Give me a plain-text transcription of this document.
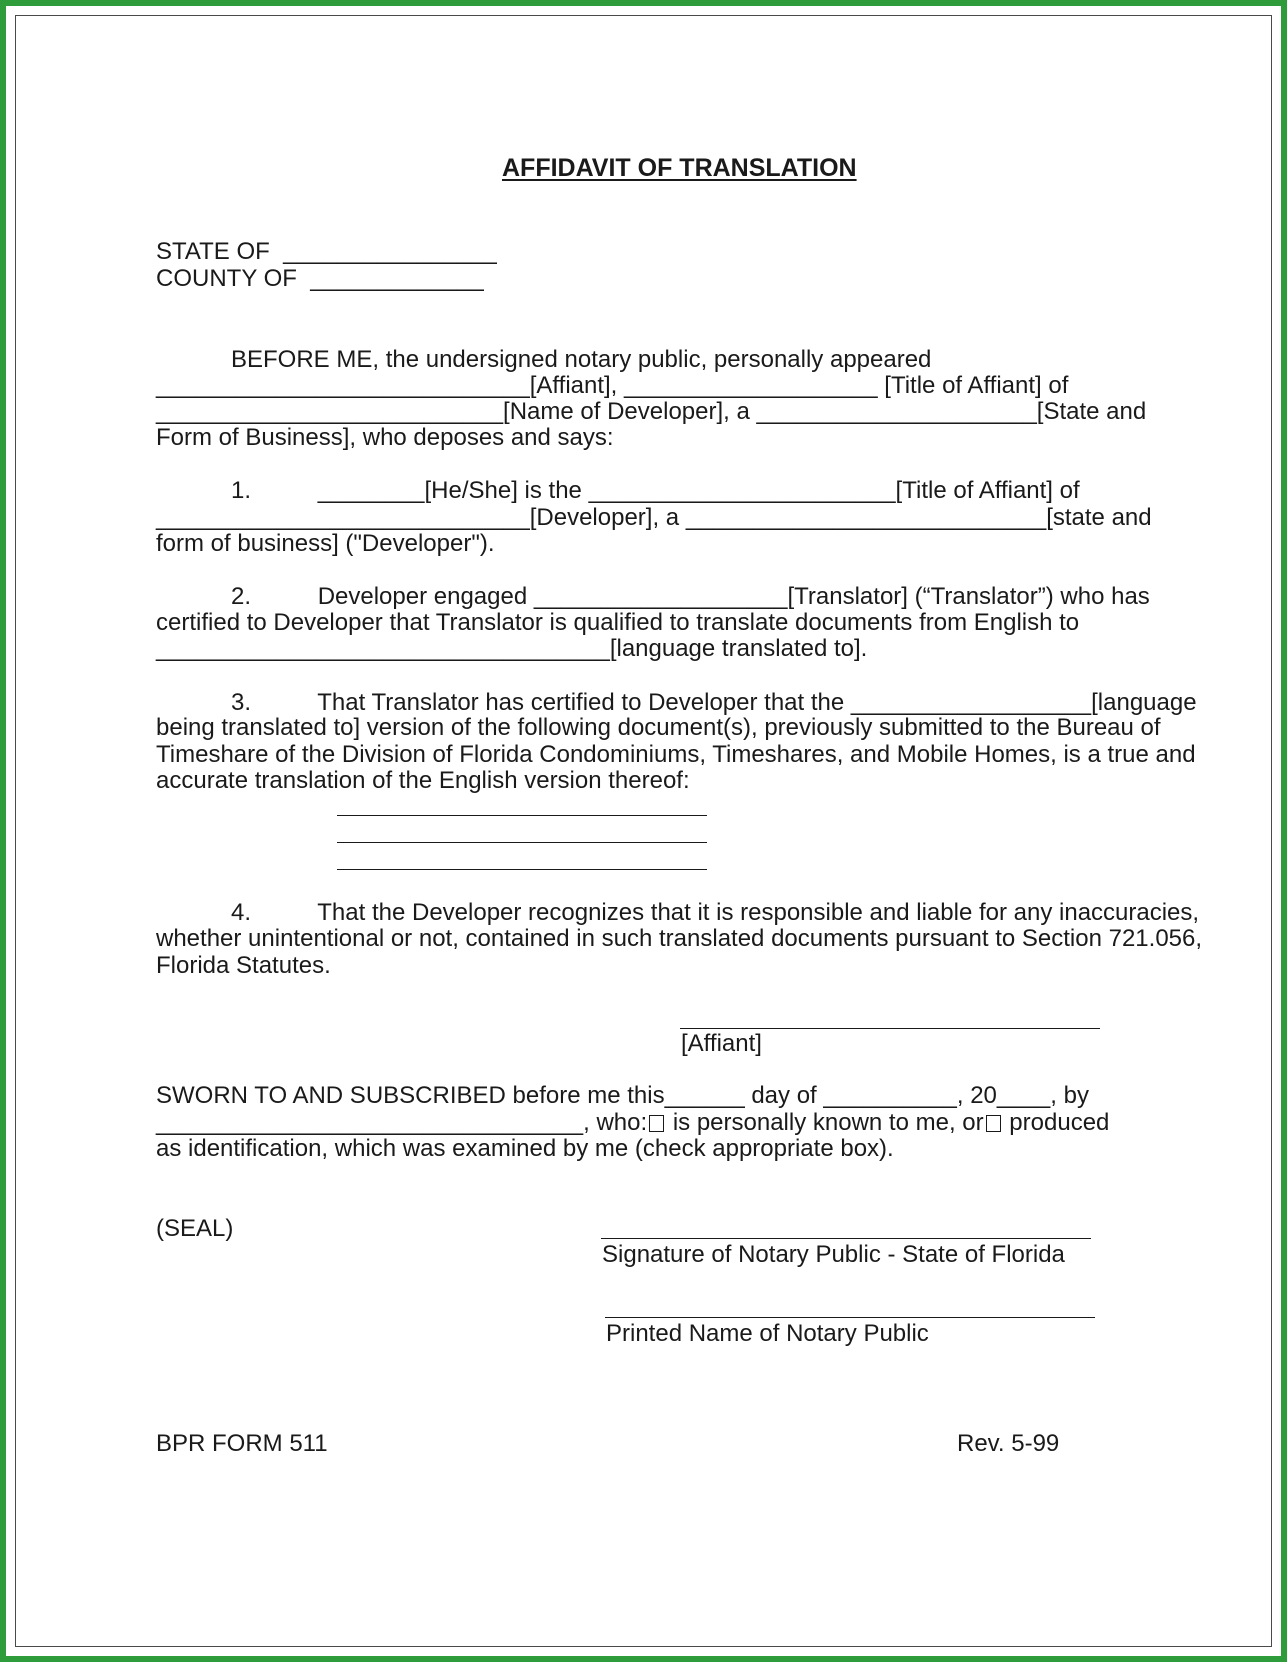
AFFIDAVIT OF TRANSLATION
STATE OF  ________________
COUNTY OF  _____________
BEFORE ME, the undersigned notary public, personally appeared
____________________________[Affiant], ___________________ [Title of Affiant] of
__________________________[Name of Developer], a _____________________[State and
Form of Business], who deposes and says:
1.          ________[He/She] is the _______________________[Title of Affiant] of
____________________________[Developer], a ___________________________[state and
form of business] ("Developer").
2.          Developer engaged ___________________[Translator] (“Translator”) who has
certified to Developer that Translator is qualified to translate documents from English to
__________________________________[language translated to].
3.          That Translator has certified to Developer that the __________________[language
being translated to] version of the following document(s), previously submitted to the Bureau of
Timeshare of the Division of Florida Condominiums, Timeshares, and Mobile Homes, is a true and
accurate translation of the English version thereof:
4.          That the Developer recognizes that it is responsible and liable for any inaccuracies,
whether unintentional or not, contained in such translated documents pursuant to Section 721.056,
Florida Statutes.
[Affiant]
SWORN TO AND SUBSCRIBED before me this______ day of __________, 20____, by
________________________________, who: is personally known to me, or produced
as identification, which was examined by me (check appropriate box).
(SEAL)
Signature of Notary Public - State of Florida
Printed Name of Notary Public
BPR FORM 511	Rev. 5-99
